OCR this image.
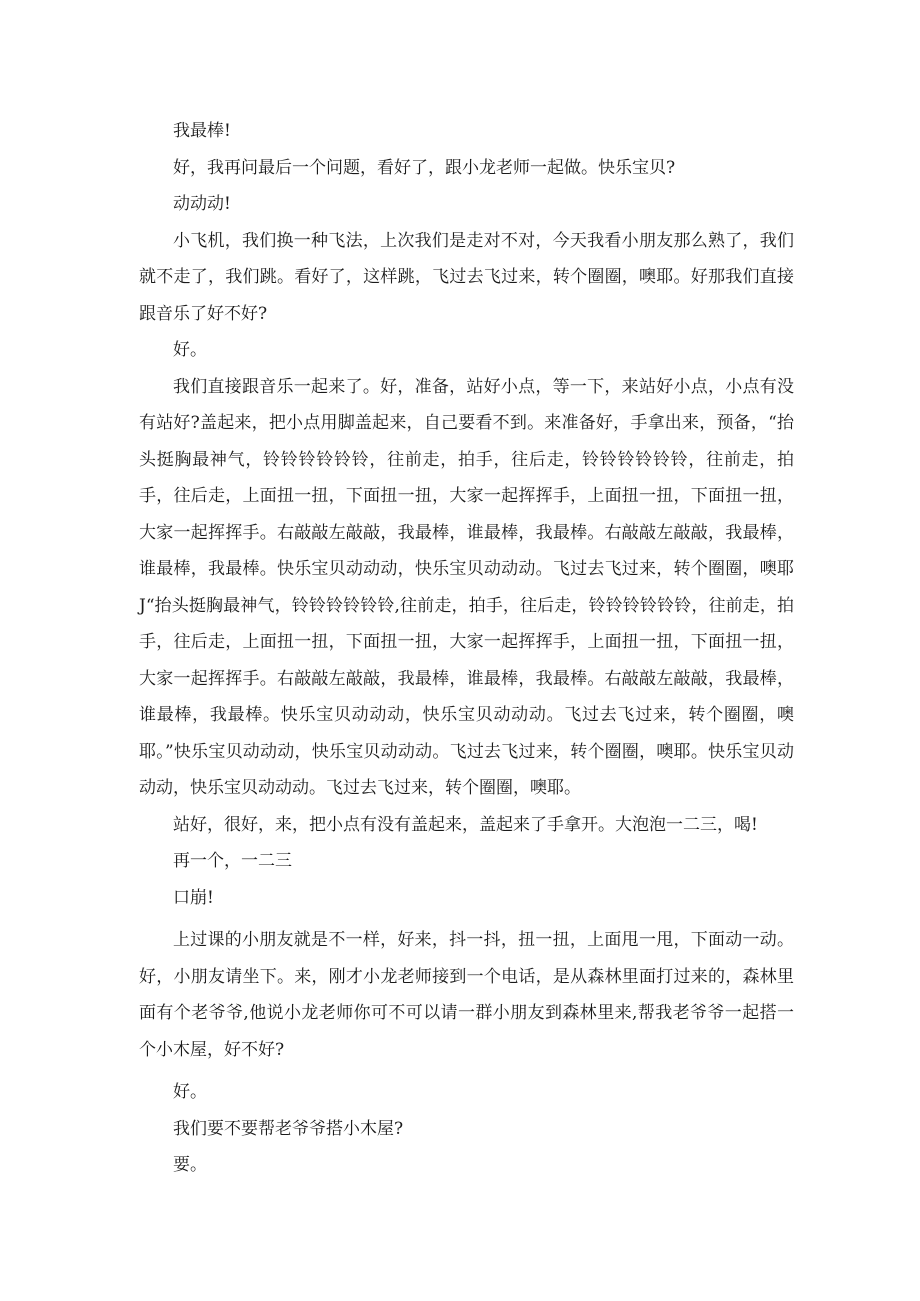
我最棒!

好，我再问最后一个问题，看好了，跟小龙老师一起做。快乐宝贝?

动动动!

小飞机，我们换一种飞法，上次我们是走对不对，今天我看小朋友那么熟了，我们就不走了，我们跳。看好了，这样跳，飞过去飞过来，转个圈圈，噢耶。好那我们直接跟音乐了好不好?

好。

我们直接跟音乐一起来了。好，准备，站好小点，等一下，来站好小点，小点有没有站好?盖起来，把小点用脚盖起来，自己要看不到。来准备好，手拿出来，预备，“抬头挺胸最神气，铃铃铃铃铃铃，往前走，拍手，往后走，铃铃铃铃铃铃，往前走，拍手，往后走，上面扭一扭，下面扭一扭，大家一起挥挥手，上面扭一扭，下面扭一扭，大家一起挥挥手。右敲敲左敲敲，我最棒，谁最棒，我最棒。右敲敲左敲敲，我最棒，谁最棒，我最棒。快乐宝贝动动动，快乐宝贝动动动。飞过去飞过来，转个圈圈，噢耶J“抬头挺胸最神气，铃铃铃铃铃铃,往前走，拍手，往后走，铃铃铃铃铃铃，往前走，拍手，往后走，上面扭一扭，下面扭一扭，大家一起挥挥手，上面扭一扭，下面扭一扭，大家一起挥挥手。右敲敲左敲敲，我最棒，谁最棒，我最棒。右敲敲左敲敲，我最棒，谁最棒，我最棒。快乐宝贝动动动，快乐宝贝动动动。飞过去飞过来，转个圈圈，噢耶。”快乐宝贝动动动，快乐宝贝动动动。飞过去飞过来，转个圈圈，噢耶。快乐宝贝动动动，快乐宝贝动动动。飞过去飞过来，转个圈圈，噢耶。

站好，很好，来，把小点有没有盖起来，盖起来了手拿开。大泡泡一二三，喝!

再一个，一二三

口崩!

上过课的小朋友就是不一样，好来，抖一抖，扭一扭，上面甩一甩，下面动一动。好，小朋友请坐下。来，刚才小龙老师接到一个电话，是从森林里面打过来的，森林里面有个老爷爷,他说小龙老师你可不可以请一群小朋友到森林里来,帮我老爷爷一起搭一个小木屋，好不好?

好。

我们要不要帮老爷爷搭小木屋?

要。
